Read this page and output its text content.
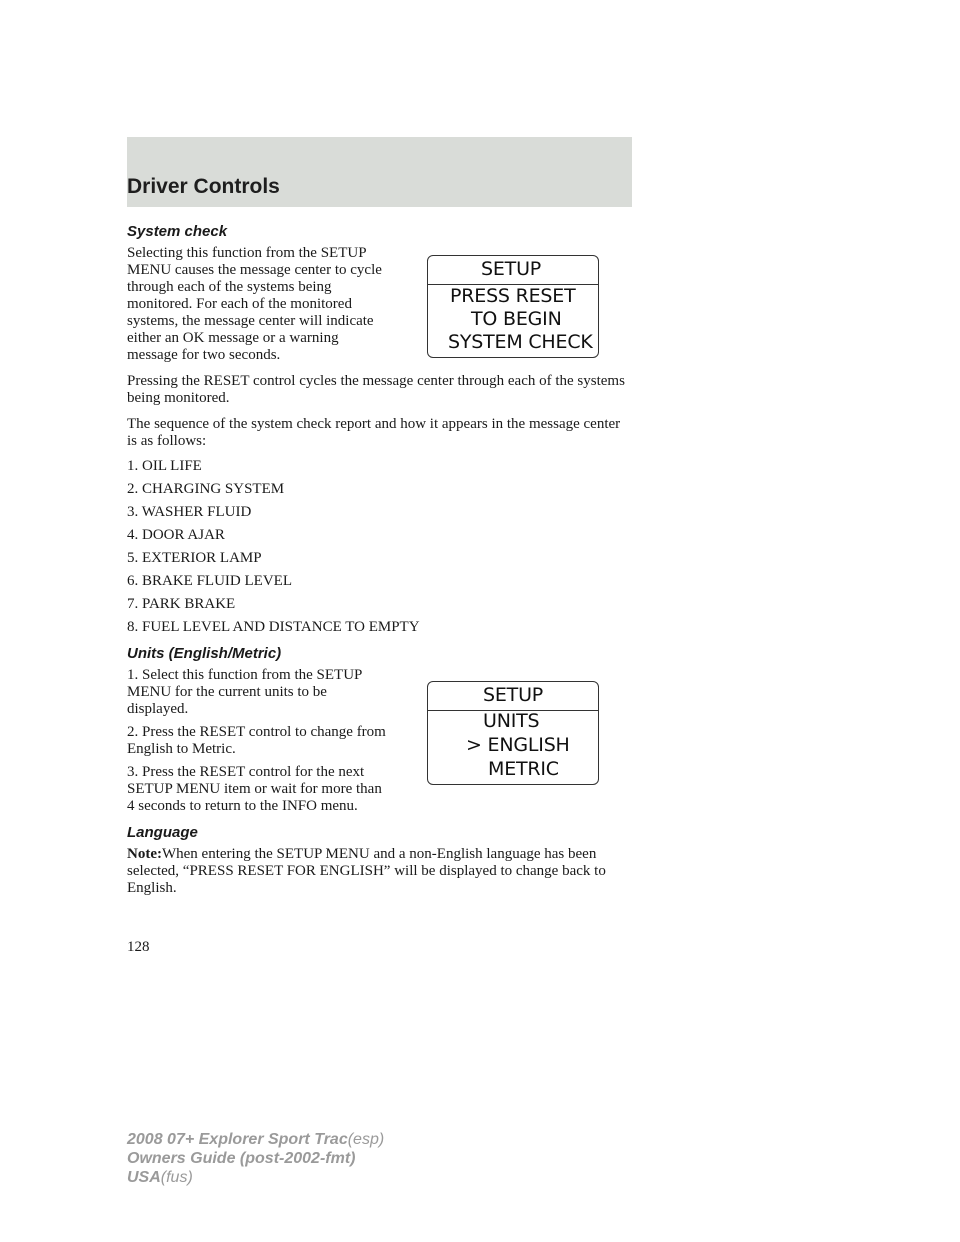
Driver Controls

System check

Selecting this function from the SETUP MENU causes the message center to cycle through each of the systems being monitored. For each of the monitored systems, the message center will indicate either an OK message or a warning message for two seconds.

Pressing the RESET control cycles the message center through each of the systems being monitored.

The sequence of the system check report and how it appears in the message center is as follows:

1. OIL LIFE

2. CHARGING SYSTEM

3. WASHER FLUID

4. DOOR AJAR

5. EXTERIOR LAMP

6. BRAKE FLUID LEVEL

7. PARK BRAKE

8. FUEL LEVEL AND DISTANCE TO EMPTY

Units (English/Metric)

1. Select this function from the SETUP MENU for the current units to be displayed.

2. Press the RESET control to change from English to Metric.

3. Press the RESET control for the next SETUP MENU item or wait for more than 4 seconds to return to the INFO menu.

Language

Note:When entering the SETUP MENU and a non-English language has been selected, “PRESS RESET FOR ENGLISH” will be displayed to change back to English.

SETUP
PRESS RESET
TO BEGIN
SYSTEM CHECK
SETUP
UNITS
> ENGLISH
METRIC
128
2008 07+ Explorer Sport Trac(esp)
Owners Guide (post-2002-fmt)
USA(fus)
